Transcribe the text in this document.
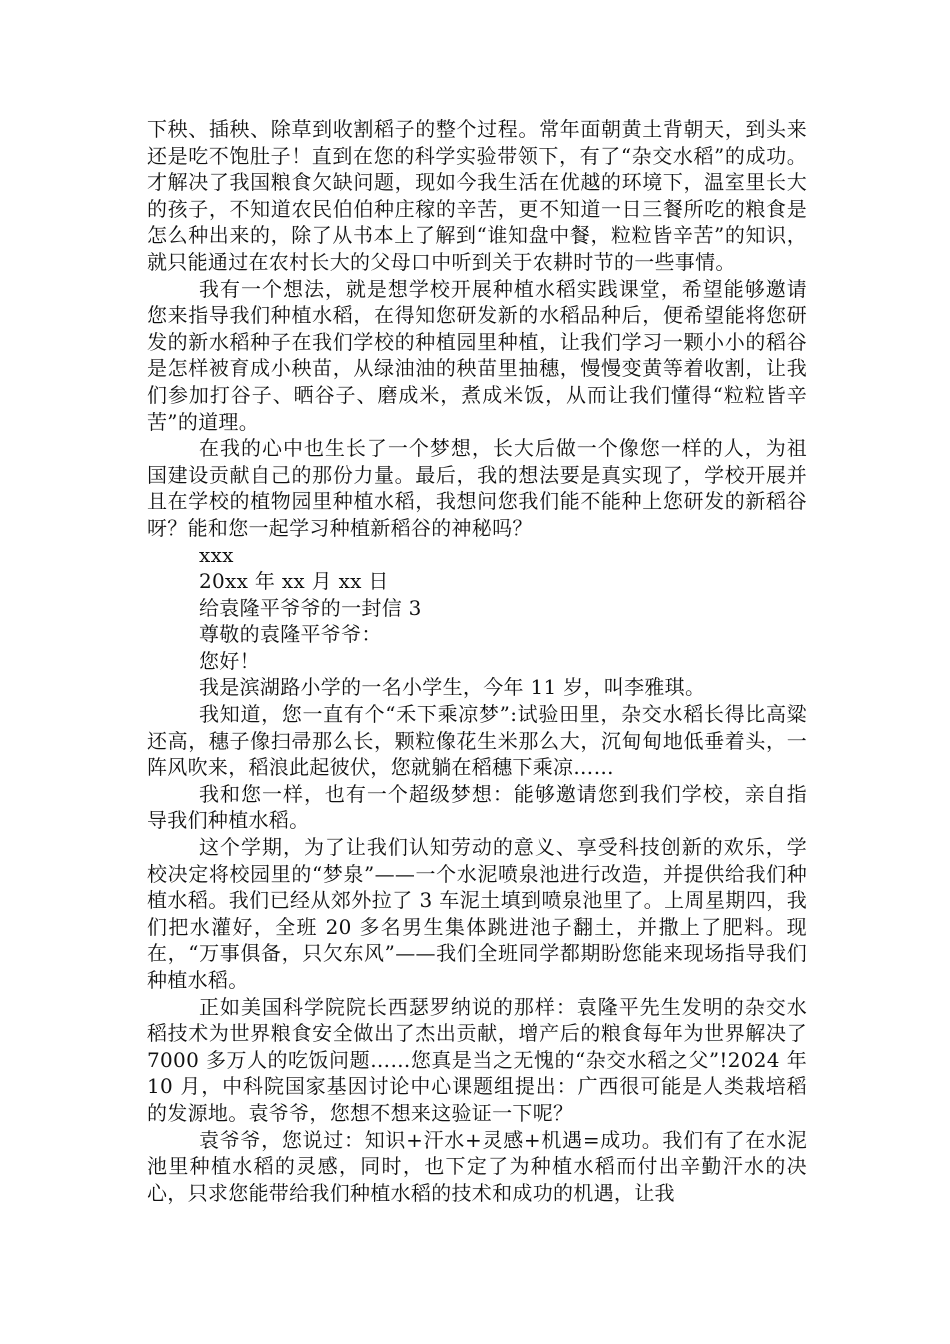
下秧、插秧、除草到收割稻子的整个过程。常年面朝黄土背朝天，到头来还是吃不饱肚子！直到在您的科学实验带领下，有了“杂交水稻”的成功。才解决了我国粮食欠缺问题，现如今我生活在优越的环境下，温室里长大的孩子，不知道农民伯伯种庄稼的辛苦，更不知道一日三餐所吃的粮食是怎么种出来的，除了从书本上了解到“谁知盘中餐，粒粒皆辛苦”的知识，就只能通过在农村长大的父母口中听到关于农耕时节的一些事情。

我有一个想法，就是想学校开展种植水稻实践课堂，希望能够邀请您来指导我们种植水稻，在得知您研发新的水稻品种后，便希望能将您研发的新水稻种子在我们学校的种植园里种植，让我们学习一颗小小的稻谷是怎样被育成小秧苗，从绿油油的秧苗里抽穗，慢慢变黄等着收割，让我们参加打谷子、晒谷子、磨成米，煮成米饭，从而让我们懂得“粒粒皆辛苦”的道理。

在我的心中也生长了一个梦想，长大后做一个像您一样的人，为祖国建设贡献自己的那份力量。最后，我的想法要是真实现了，学校开展并且在学校的植物园里种植水稻，我想问您我们能不能种上您研发的新稻谷呀？能和您一起学习种植新稻谷的神秘吗？

xxx

20xx 年 xx 月 xx 日

给袁隆平爷爷的一封信 3

尊敬的袁隆平爷爷：

您好！

我是滨湖路小学的一名小学生，今年 11 岁，叫李雅琪。

我知道，您一直有个“禾下乘凉梦”:试验田里，杂交水稻长得比高粱还高，穗子像扫帚那么长，颗粒像花生米那么大，沉甸甸地低垂着头，一阵风吹来，稻浪此起彼伏，您就躺在稻穗下乘凉……

我和您一样，也有一个超级梦想：能够邀请您到我们学校，亲自指导我们种植水稻。

这个学期，为了让我们认知劳动的意义、享受科技创新的欢乐，学校决定将校园里的“梦泉”——一个水泥喷泉池进行改造，并提供给我们种植水稻。我们已经从郊外拉了 3 车泥土填到喷泉池里了。上周星期四，我们把水灌好，全班 20 多名男生集体跳进池子翻土，并撒上了肥料。现在，“万事俱备，只欠东风”——我们全班同学都期盼您能来现场指导我们种植水稻。

正如美国科学院院长西瑟罗纳说的那样：袁隆平先生发明的杂交水稻技术为世界粮食安全做出了杰出贡献，增产后的粮食每年为世界解决了 7000 多万人的吃饭问题……您真是当之无愧的“杂交水稻之父”!2024 年 10 月，中科院国家基因讨论中心课题组提出：广西很可能是人类栽培稻的发源地。袁爷爷，您想不想来这验证一下呢？

袁爷爷，您说过：知识+汗水+灵感+机遇=成功。我们有了在水泥池里种植水稻的灵感，同时，也下定了为种植水稻而付出辛勤汗水的决心，只求您能带给我们种植水稻的技术和成功的机遇，让我
